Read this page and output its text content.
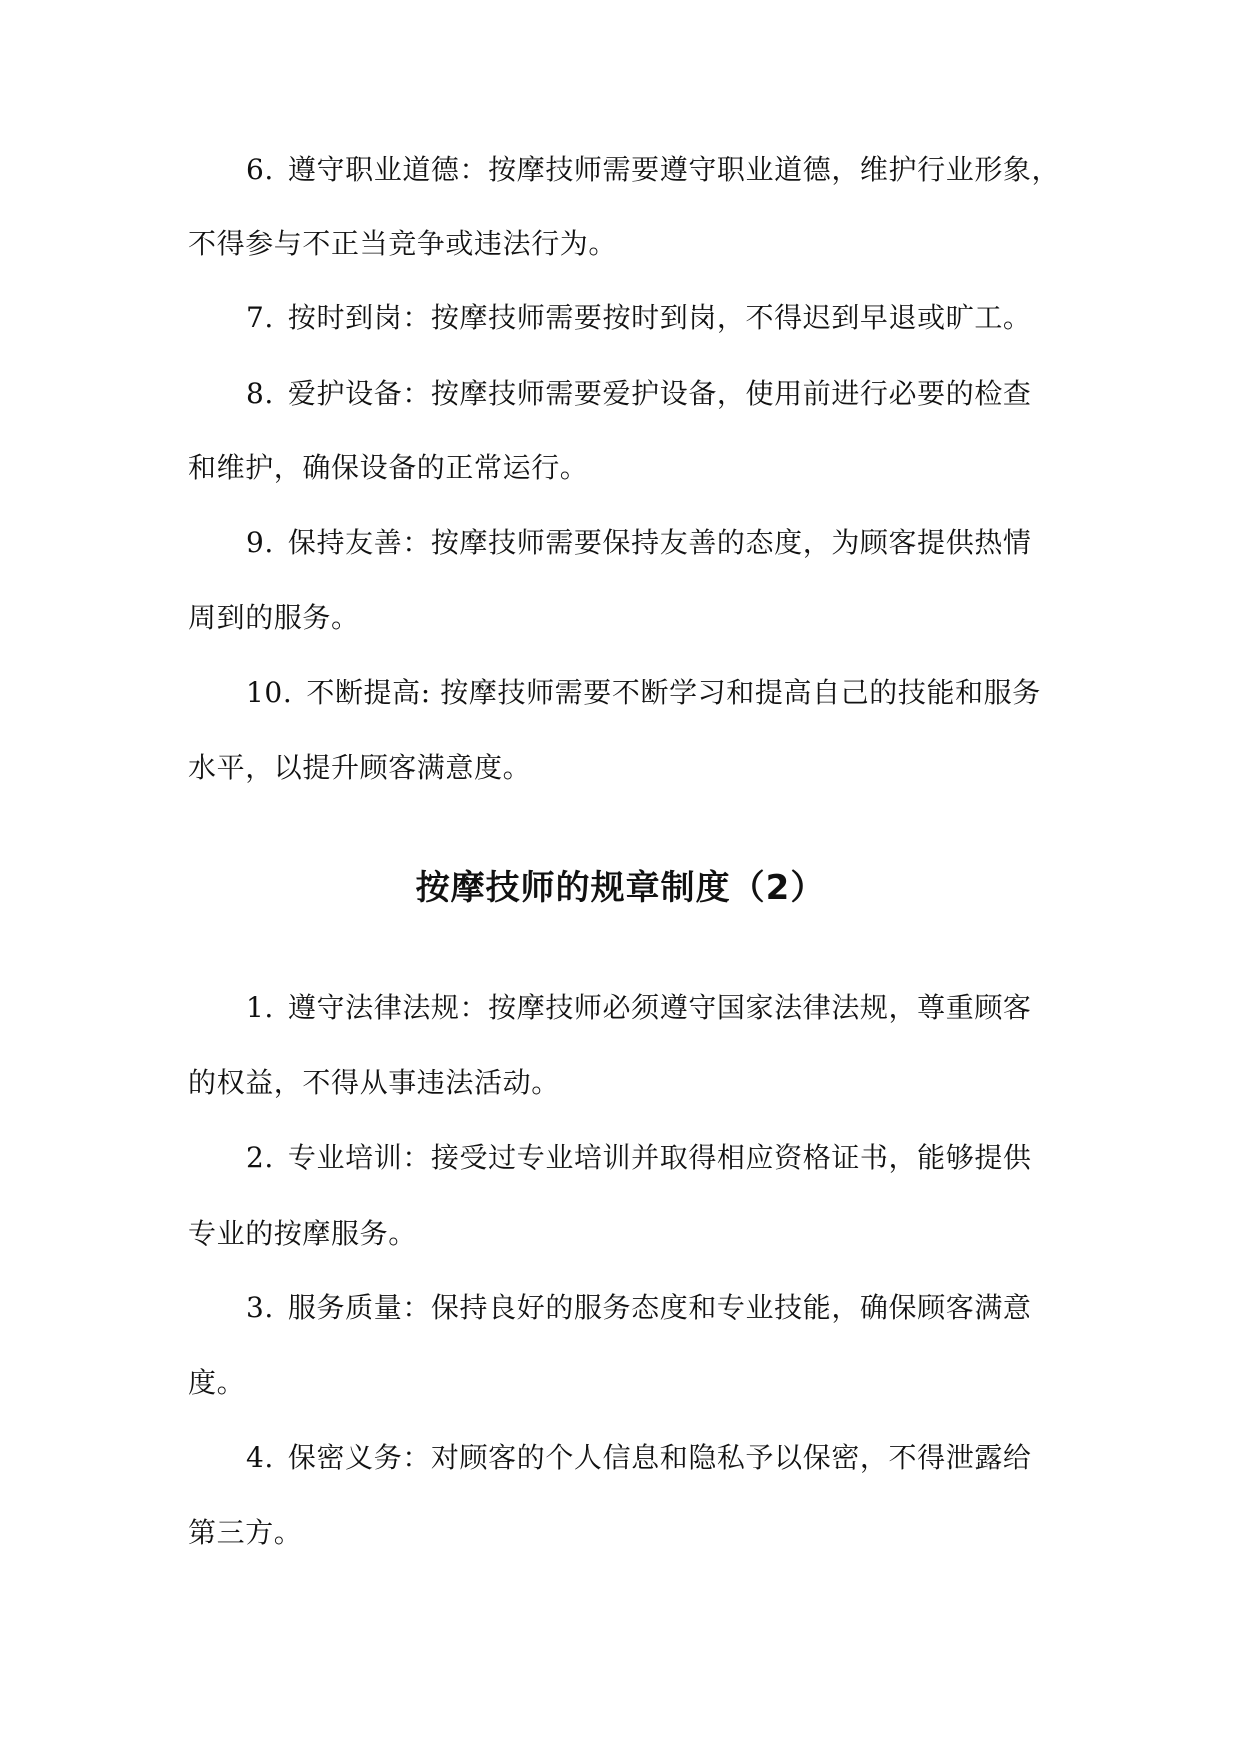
6. 遵守职业道德：按摩技师需要遵守职业道德，维护行业形象，
不得参与不正当竞争或违法行为。
7. 按时到岗：按摩技师需要按时到岗，不得迟到早退或旷工。
8. 爱护设备：按摩技师需要爱护设备，使用前进行必要的检查
和维护，确保设备的正常运行。
9. 保持友善：按摩技师需要保持友善的态度，为顾客提供热情
周到的服务。
10. 不断提高: 按摩技师需要不断学习和提高自己的技能和服务
水平，以提升顾客满意度。
按摩技师的规章制度（2）
1. 遵守法律法规：按摩技师必须遵守国家法律法规，尊重顾客
的权益，不得从事违法活动。
2. 专业培训：接受过专业培训并取得相应资格证书，能够提供
专业的按摩服务。
3. 服务质量：保持良好的服务态度和专业技能，确保顾客满意
度。
4. 保密义务：对顾客的个人信息和隐私予以保密，不得泄露给
第三方。
